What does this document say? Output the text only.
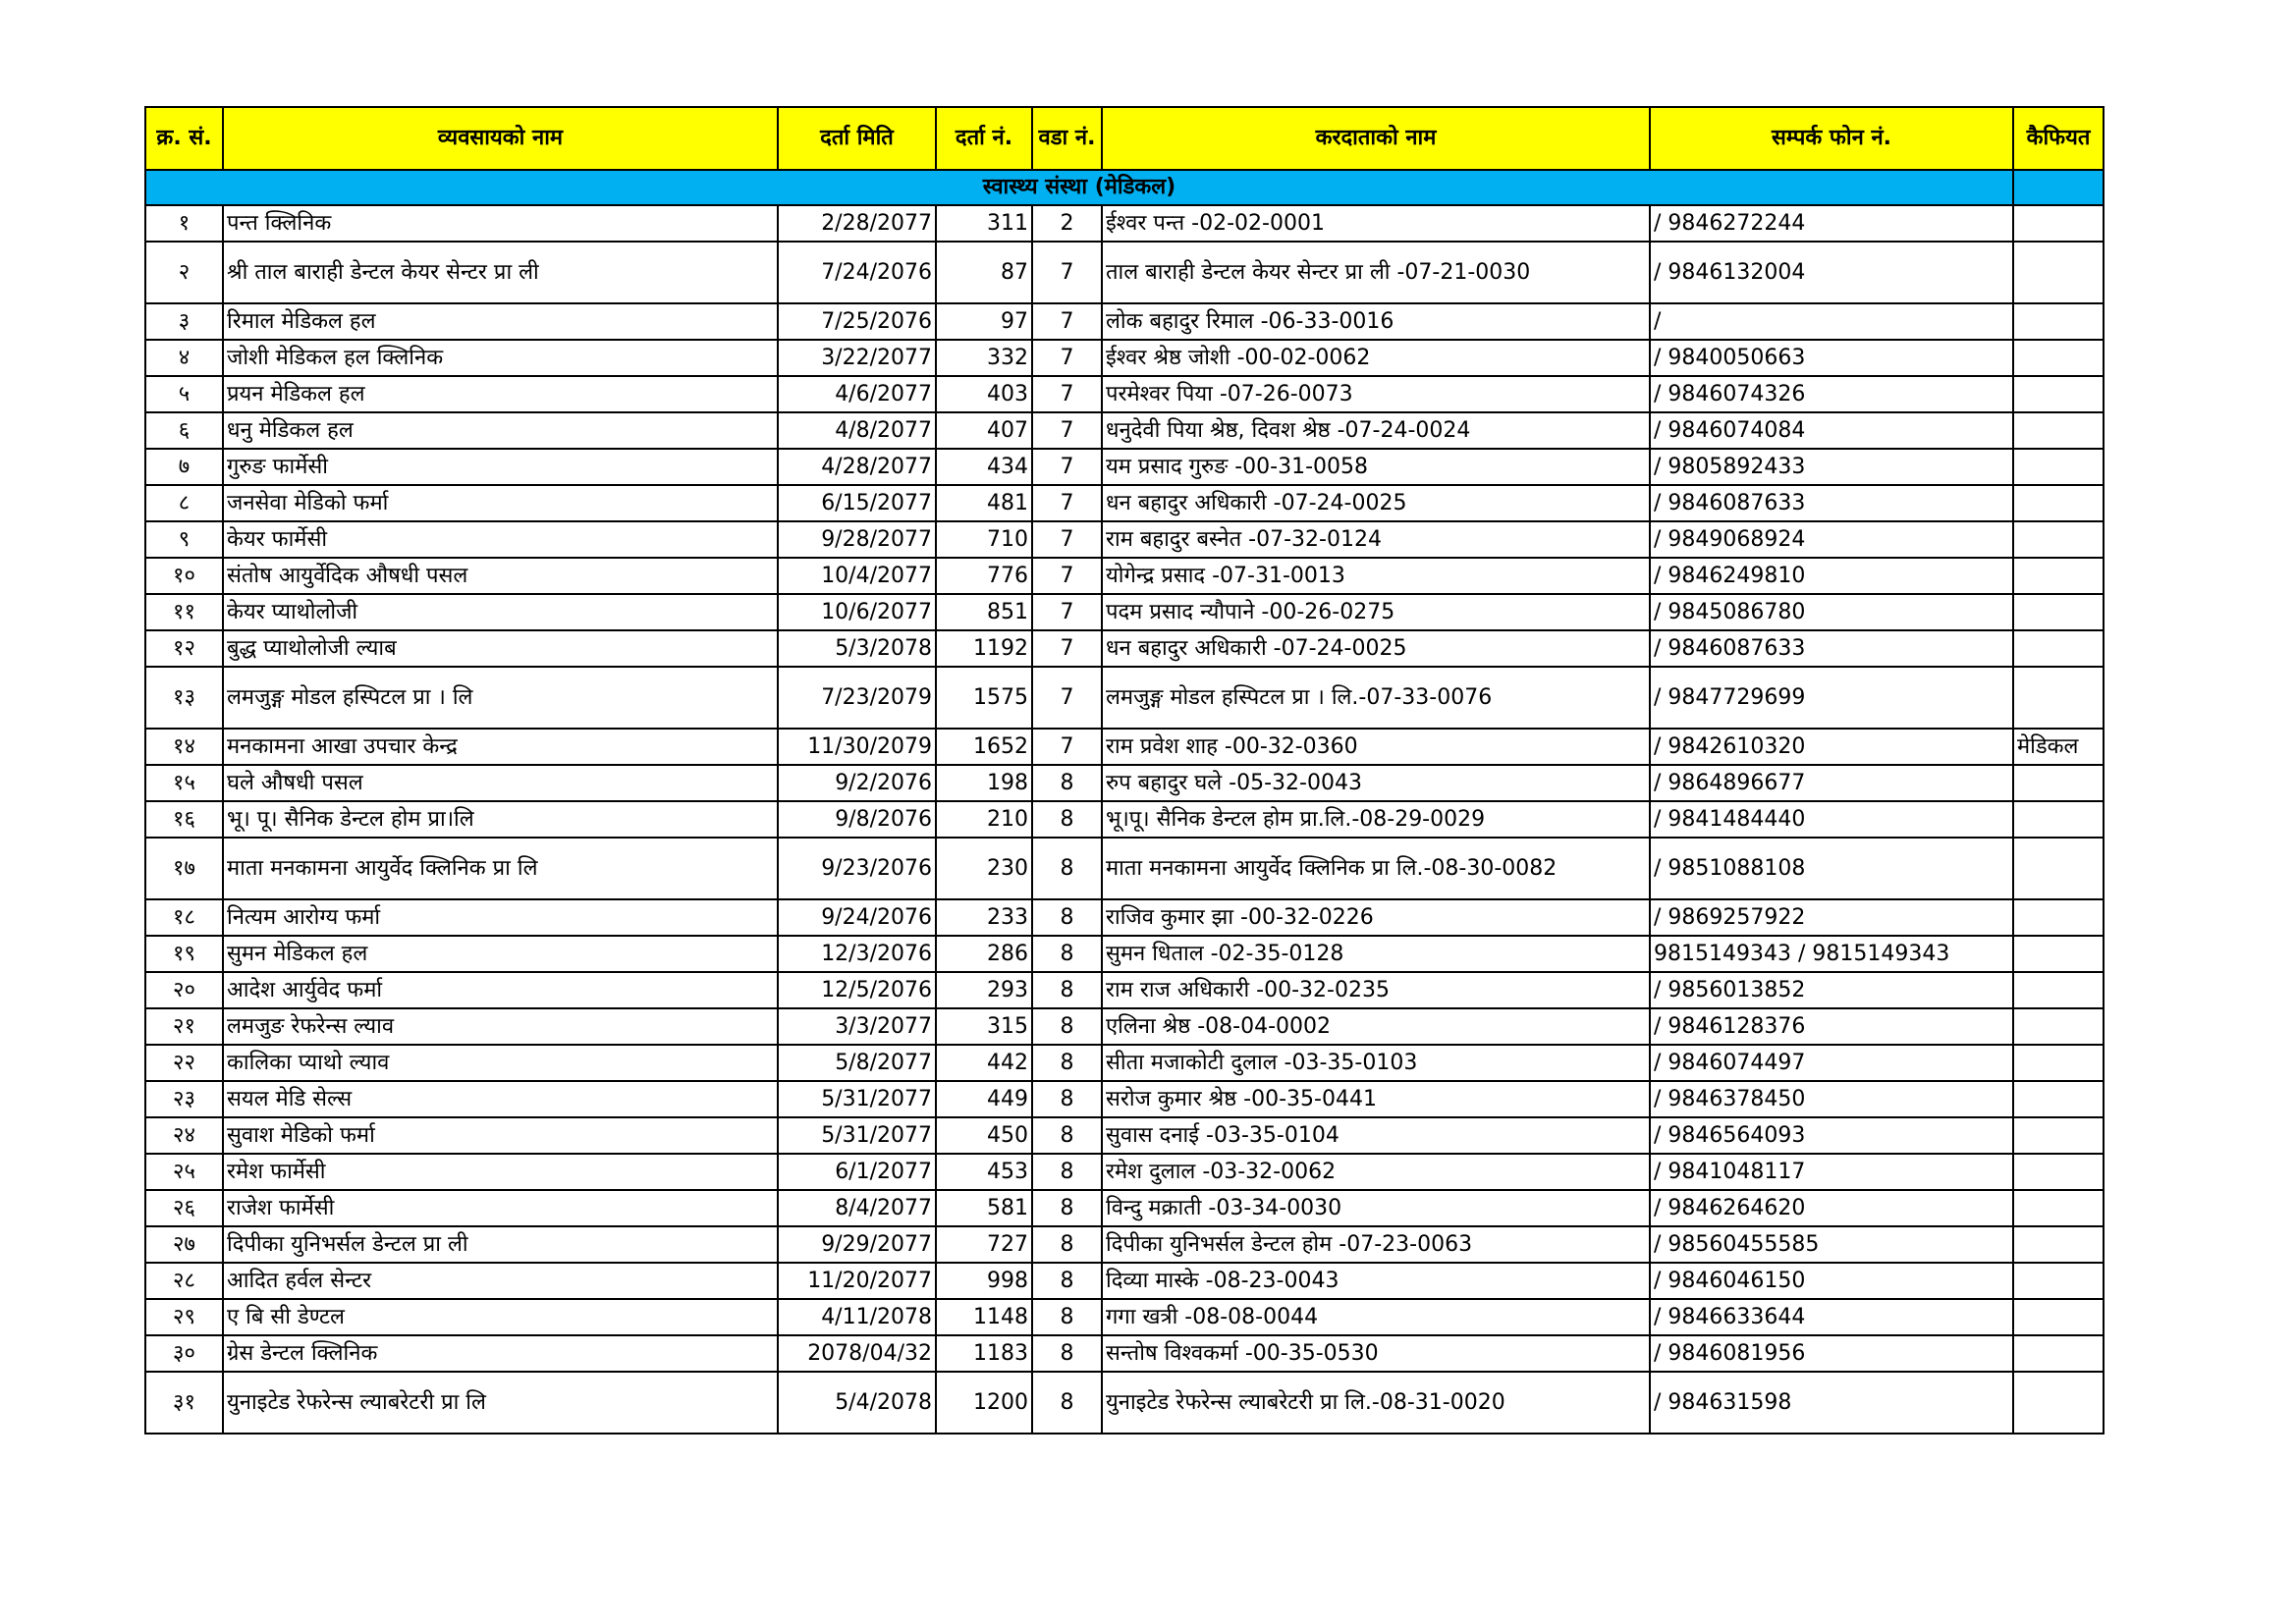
क्र. सं.	व्यवसायको नाम	दर्ता मिति	दर्ता नं.	वडा नं.	करदाताको नाम	सम्पर्क फोन नं.	कैफियत
स्वास्थ्य संस्था (मेडिकल)							
१	पन्त क्लिनिक	2/28/2077	311	2	ईश्वर पन्त -02-02-0001	/ 9846272244	
२	श्री ताल बाराही डेन्टल केयर सेन्टर प्रा ली	7/24/2076	87	7	ताल बाराही डेन्टल केयर सेन्टर प्रा ली -07-21-0030	/ 9846132004	
३	रिमाल मेडिकल हल	7/25/2076	97	7	लोक बहादुर रिमाल -06-33-0016	/	
४	जोशी मेडिकल हल क्लिनिक	3/22/2077	332	7	ईश्वर श्रेष्ठ जोशी -00-02-0062	/ 9840050663	
५	प्रयन मेडिकल हल	4/6/2077	403	7	परमेश्वर पिया -07-26-0073	/ 9846074326	
६	धनु मेडिकल हल	4/8/2077	407	7	धनुदेवी पिया श्रेष्ठ, दिवश श्रेष्ठ -07-24-0024	/ 9846074084	
७	गुरुङ फार्मेसी	4/28/2077	434	7	यम प्रसाद गुरुङ -00-31-0058	/ 9805892433	
८	जनसेवा मेडिको फर्मा	6/15/2077	481	7	धन बहादुर अधिकारी -07-24-0025	/ 9846087633	
९	केयर फार्मेसी	9/28/2077	710	7	राम बहादुर बस्नेत -07-32-0124	/ 9849068924	
१०	संतोष आयुर्वेदिक औषधी पसल	10/4/2077	776	7	योगेन्द्र प्रसाद -07-31-0013	/ 9846249810	
११	केयर प्याथोलोजी	10/6/2077	851	7	पदम प्रसाद न्यौपाने -00-26-0275	/ 9845086780	
१२	बुद्ध प्याथोलोजी ल्याब	5/3/2078	1192	7	धन बहादुर अधिकारी -07-24-0025	/ 9846087633	
१३	लमजुङ्ग मोडल हस्पिटल प्रा । लि	7/23/2079	1575	7	लमजुङ्ग मोडल हस्पिटल प्रा । लि.-07-33-0076	/ 9847729699	
१४	मनकामना आखा उपचार केन्द्र	11/30/2079	1652	7	राम प्रवेश शाह -00-32-0360	/ 9842610320	मेडिकल
१५	घले औषधी पसल	9/2/2076	198	8	रुप बहादुर घले -05-32-0043	/ 9864896677	
१६	भू। पू। सैनिक डेन्टल होम प्रा।लि	9/8/2076	210	8	भू।पू। सैनिक डेन्टल होम प्रा.लि.-08-29-0029	/ 9841484440	
१७	माता मनकामना आयुर्वेद क्लिनिक प्रा लि	9/23/2076	230	8	माता मनकामना आयुर्वेद क्लिनिक प्रा लि.-08-30-0082	/ 9851088108	
१८	नित्यम आरोग्य फर्मा	9/24/2076	233	8	राजिव कुमार झा -00-32-0226	/ 9869257922	
१९	सुमन मेडिकल हल	12/3/2076	286	8	सुमन धिताल -02-35-0128	9815149343 / 9815149343	
२०	आदेश आर्युवेद फर्मा	12/5/2076	293	8	राम राज अधिकारी -00-32-0235	/ 9856013852	
२१	लमजुङ रेफरेन्स ल्याव	3/3/2077	315	8	एलिना श्रेष्ठ -08-04-0002	/ 9846128376	
२२	कालिका प्याथो ल्याव	5/8/2077	442	8	सीता मजाकोटी दुलाल -03-35-0103	/ 9846074497	
२३	सयल मेडि सेल्स	5/31/2077	449	8	सरोज कुमार श्रेष्ठ -00-35-0441	/ 9846378450	
२४	सुवाश मेडिको फर्मा	5/31/2077	450	8	सुवास दनाई -03-35-0104	/ 9846564093	
२५	रमेश फार्मेसी	6/1/2077	453	8	रमेश दुलाल -03-32-0062	/ 9841048117	
२६	राजेश फार्मेसी	8/4/2077	581	8	विन्दु मक्राती -03-34-0030	/ 9846264620	
२७	दिपीका युनिभर्सल डेन्टल प्रा ली	9/29/2077	727	8	दिपीका युनिभर्सल डेन्टल होम -07-23-0063	/ 98560455585	
२८	आदित हर्वल सेन्टर	11/20/2077	998	8	दिव्या मास्के -08-23-0043	/ 9846046150	
२९	ए बि सी डेण्टल	4/11/2078	1148	8	गगा खत्री -08-08-0044	/ 9846633644	
३०	ग्रेस डेन्टल क्लिनिक	2078/04/32	1183	8	सन्तोष विश्वकर्मा -00-35-0530	/ 9846081956	
३१	युनाइटेड रेफरेन्स ल्याबरेटरी प्रा लि	5/4/2078	1200	8	युनाइटेड रेफरेन्स ल्याबरेटरी प्रा लि.-08-31-0020	/ 984631598	
